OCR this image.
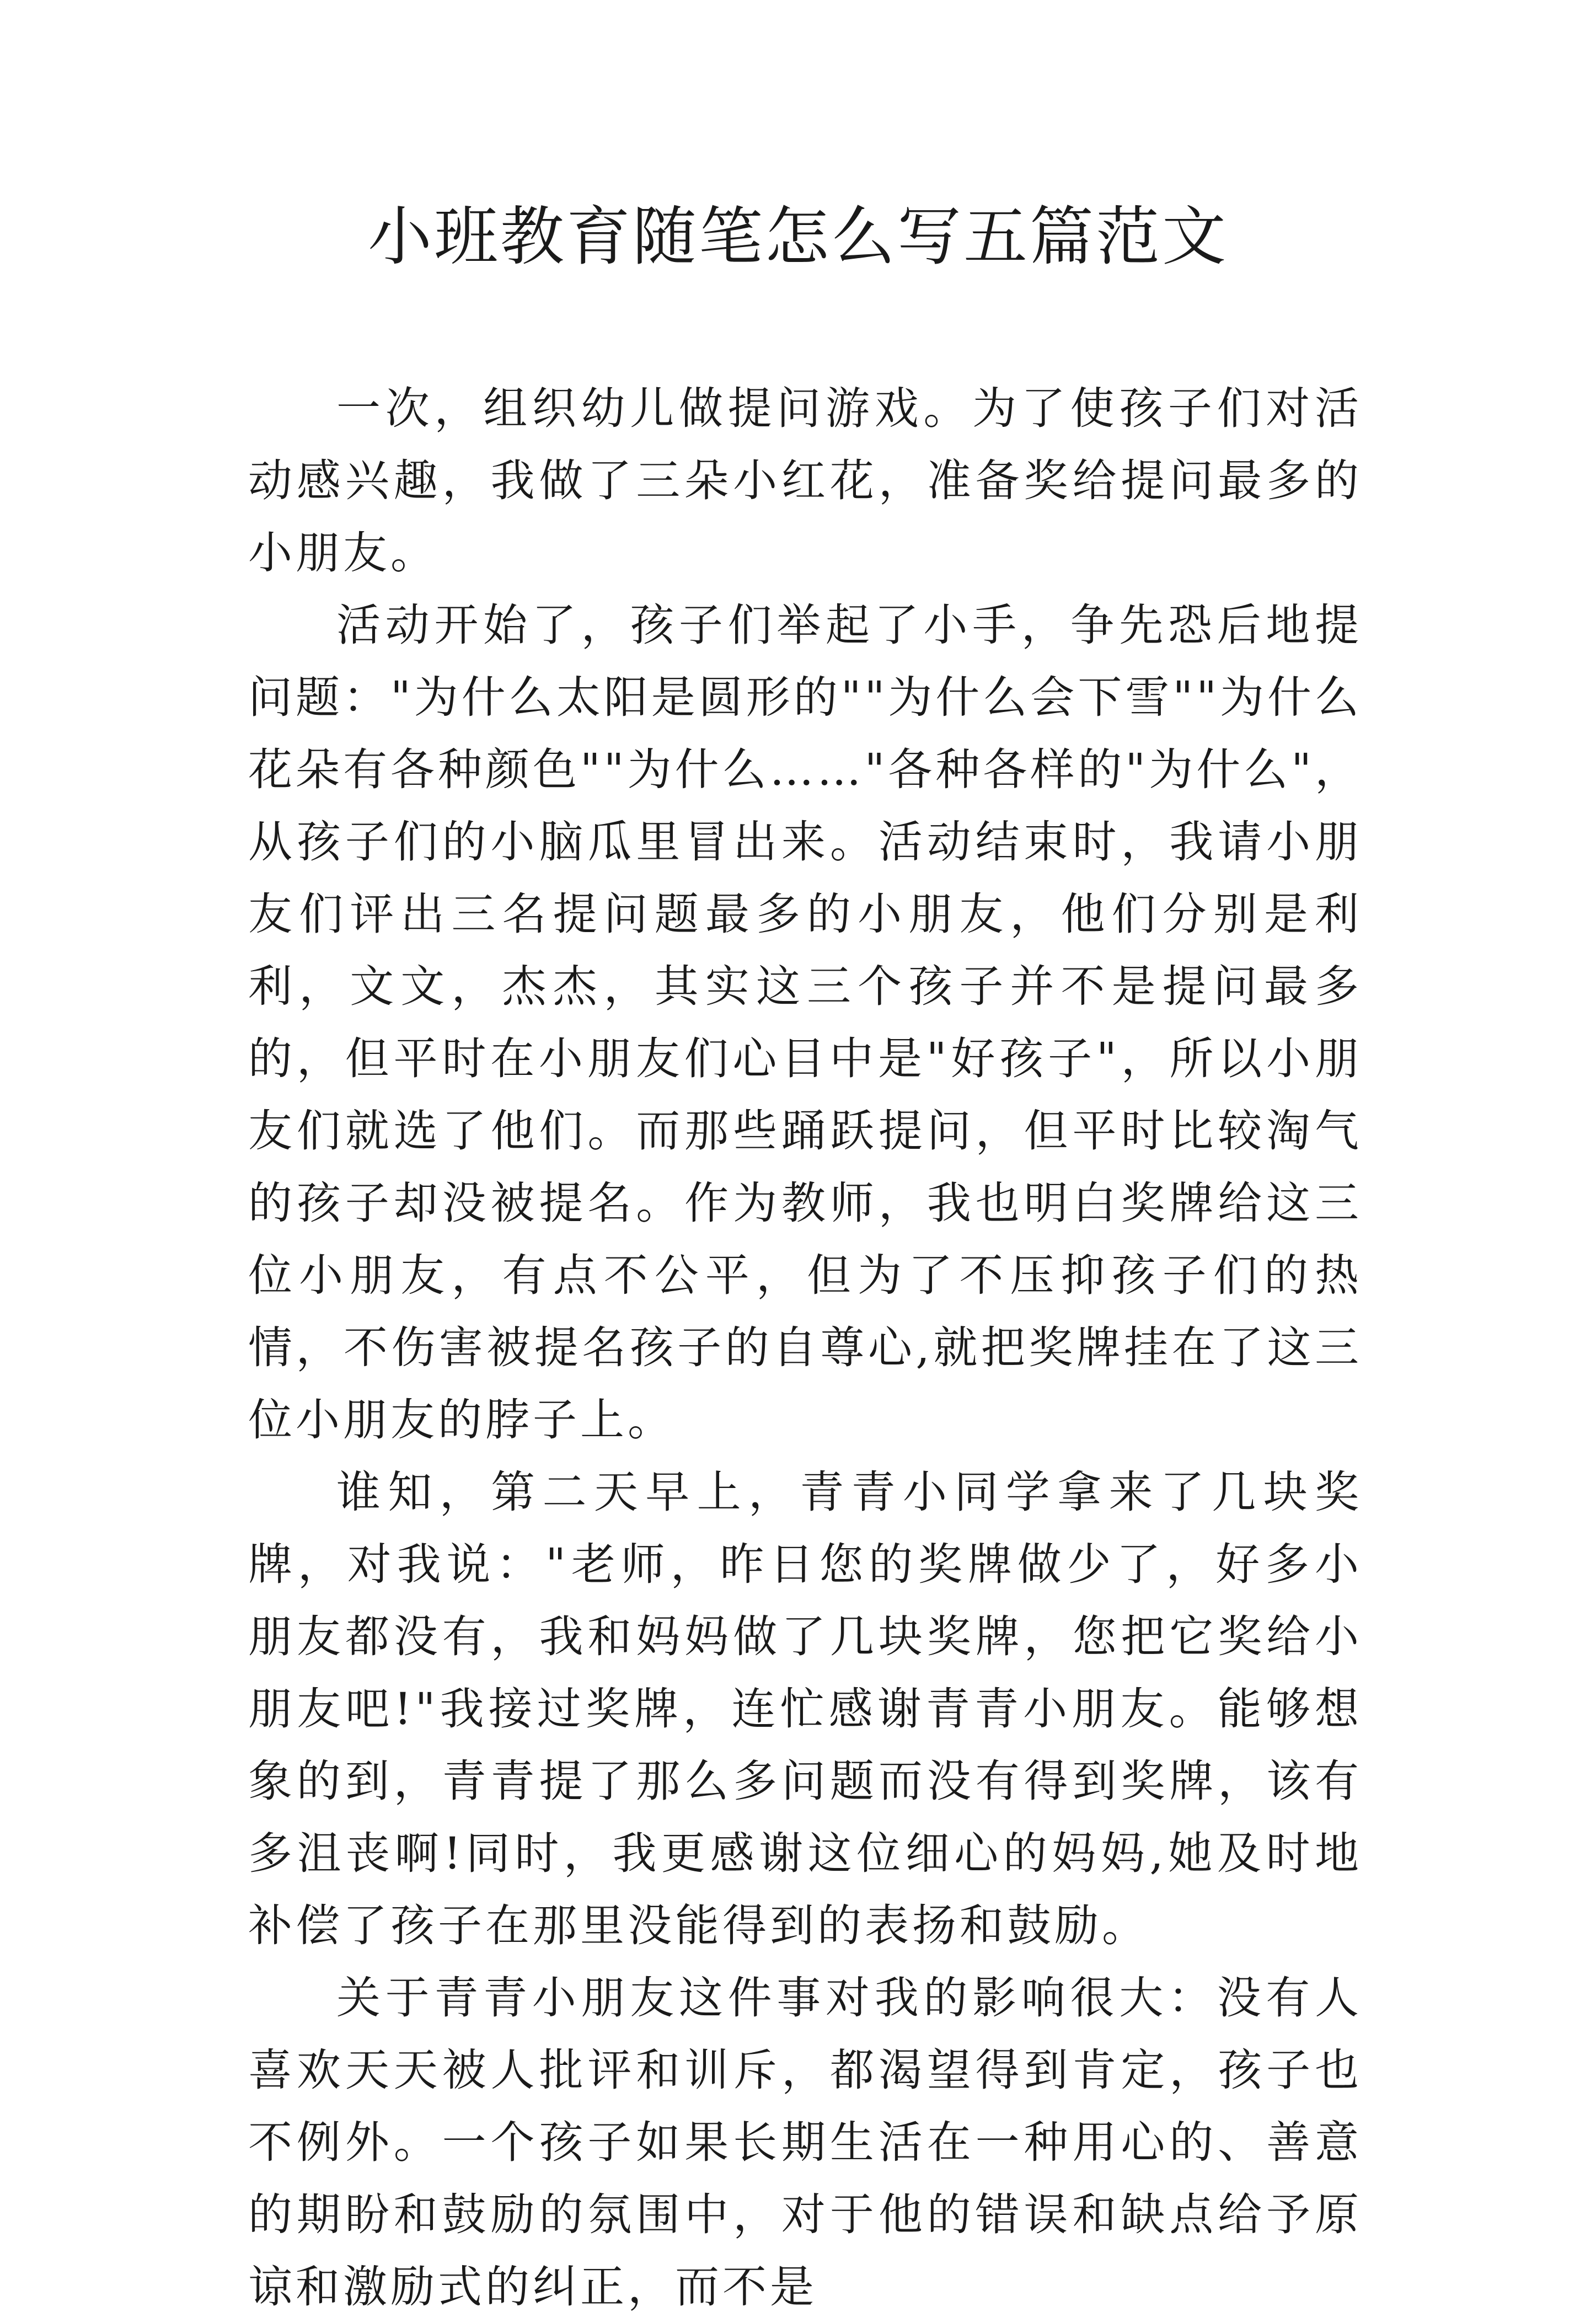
小班教育随笔怎么写五篇范文

一次，组织幼儿做提问游戏。为了使孩子们对活动感兴趣，我做了三朵小红花，准备奖给提问最多的小朋友。

活动开始了，孩子们举起了小手，争先恐后地提问题："为什么太阳是圆形的""为什么会下雪""为什么花朵有各种颜色""为什么……"各种各样的"为什么"，从孩子们的小脑瓜里冒出来。活动结束时，我请小朋友们评出三名提问题最多的小朋友，他们分别是利利，文文，杰杰，其实这三个孩子并不是提问最多的，但平时在小朋友们心目中是"好孩子"，所以小朋友们就选了他们。而那些踊跃提问，但平时比较淘气的孩子却没被提名。作为教师，我也明白奖牌给这三位小朋友，有点不公平，但为了不压抑孩子们的热情，不伤害被提名孩子的自尊心,就把奖牌挂在了这三位小朋友的脖子上。

谁知，第二天早上，青青小同学拿来了几块奖牌，对我说："老师，昨日您的奖牌做少了，好多小朋友都没有，我和妈妈做了几块奖牌，您把它奖给小朋友吧!"我接过奖牌，连忙感谢青青小朋友。能够想象的到，青青提了那么多问题而没有得到奖牌，该有多沮丧啊!同时，我更感谢这位细心的妈妈,她及时地补偿了孩子在那里没能得到的表扬和鼓励。

关于青青小朋友这件事对我的影响很大：没有人喜欢天天被人批评和训斥，都渴望得到肯定，孩子也不例外。一个孩子如果长期生活在一种用心的、善意的期盼和鼓励的氛围中，对于他的错误和缺点给予原谅和激励式的纠正，而不是
